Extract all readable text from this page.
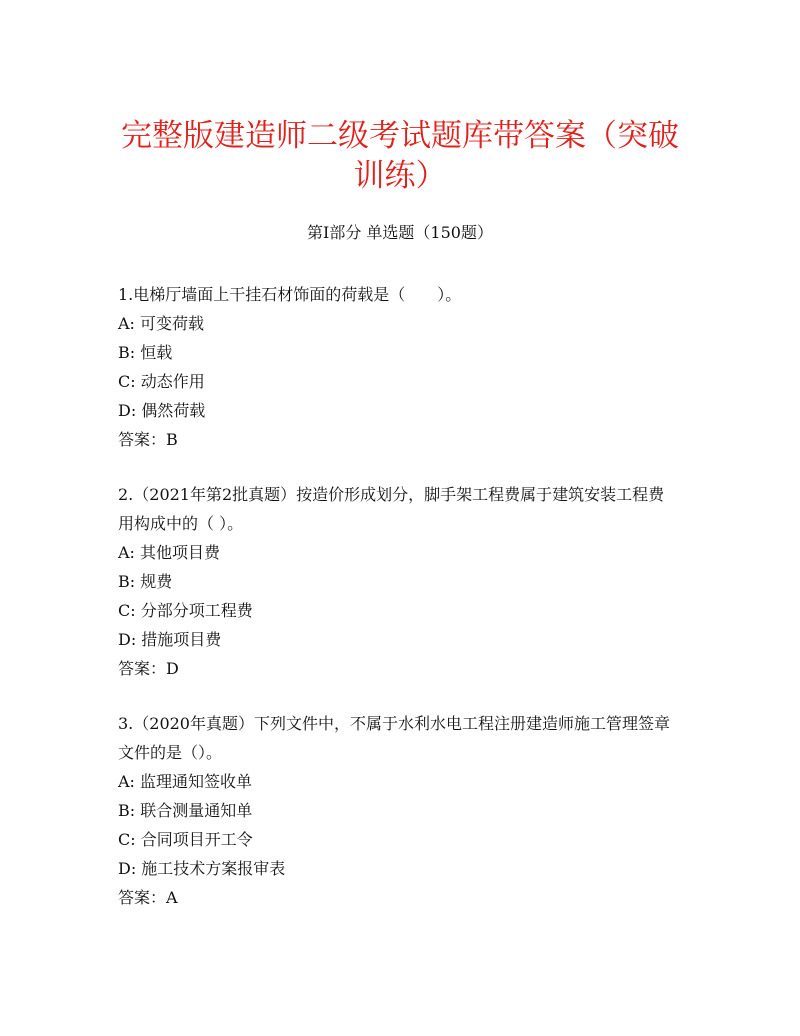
完整版建造师二级考试题库带答案（突破训练）
第I部分 单选题（150题）

1.电梯厅墙面上干挂石材饰面的荷载是（　　）。

A: 可变荷载

B: 恒载

C: 动态作用

D: 偶然荷载

答案：B

2.（2021年第2批真题）按造价形成划分，脚手架工程费属于建筑安装工程费用构成中的（ ）。

A: 其他项目费

B: 规费

C: 分部分项工程费

D: 措施项目费

答案：D

3.（2020年真题）下列文件中，不属于水利水电工程注册建造师施工管理签章文件的是（）。

A: 监理通知签收单

B: 联合测量通知单

C: 合同项目开工令

D: 施工技术方案报审表

答案：A
